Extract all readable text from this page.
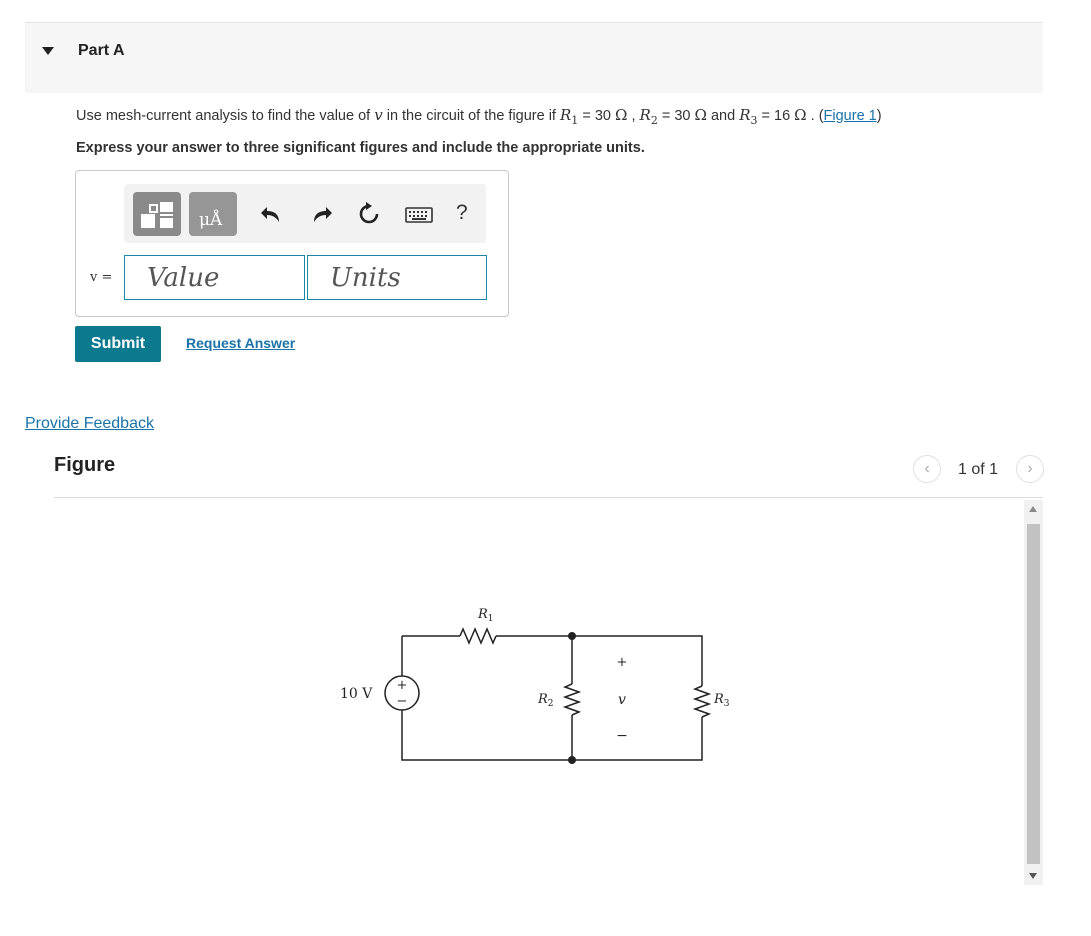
Part A
Use mesh-current analysis to find the value of v in the circuit of the figure if $R_1 = 30$ Ω , $R_2 = 30$ Ω and $R_3 = 16$ Ω . (Figure 1)
Express your answer to three significant figures and include the appropriate units.
μÅ	?
v =
Value
Units
Submit	Request Answer
Provide Feedback
Figure	‹	1 of 1	›
+
−
10 V
$R_1$
$R_2$	$R_3$
+
v
−
